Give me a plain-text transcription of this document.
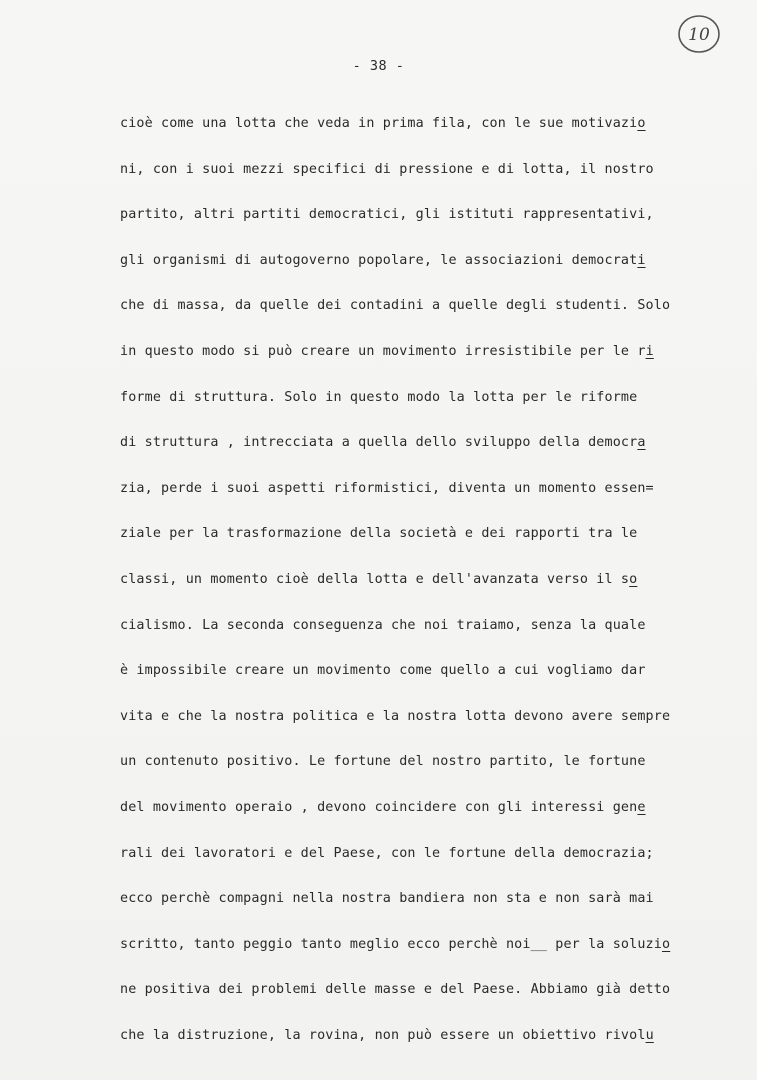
10
- 38 -
cioè come una lotta che veda in prima fila, con le sue motivazio
ni, con i suoi mezzi specifici di pressione e di lotta, il nostro
partito, altri partiti democratici, gli istituti rappresentativi,
gli organismi di autogoverno popolare, le associazioni democrati
che di massa, da quelle dei contadini a quelle degli studenti. Solo
in questo modo si può creare un movimento irresistibile per le ri
forme di struttura. Solo in questo modo la lotta per le riforme
di struttura , intrecciata a quella dello sviluppo della democra
zia, perde i suoi aspetti riformistici, diventa un momento essen=
ziale per la trasformazione della società e dei rapporti tra le
classi, un momento cioè della lotta e dell'avanzata verso il so
cialismo. La seconda conseguenza che noi traiamo, senza la quale
è impossibile creare un movimento come quello a cui vogliamo dar
vita e che la nostra politica e la nostra lotta devono avere sempre
un contenuto positivo. Le fortune del nostro partito, le fortune
del movimento operaio , devono coincidere con gli interessi gene
rali dei lavoratori e del Paese, con le fortune della democrazia;
ecco perchè compagni nella nostra bandiera non sta e non sarà mai
scritto, tanto peggio tanto meglio ecco perchè noi__ per la soluzio
ne positiva dei problemi delle masse e del Paese. Abbiamo già detto
che la distruzione, la rovina, non può essere un obiettivo rivolu
